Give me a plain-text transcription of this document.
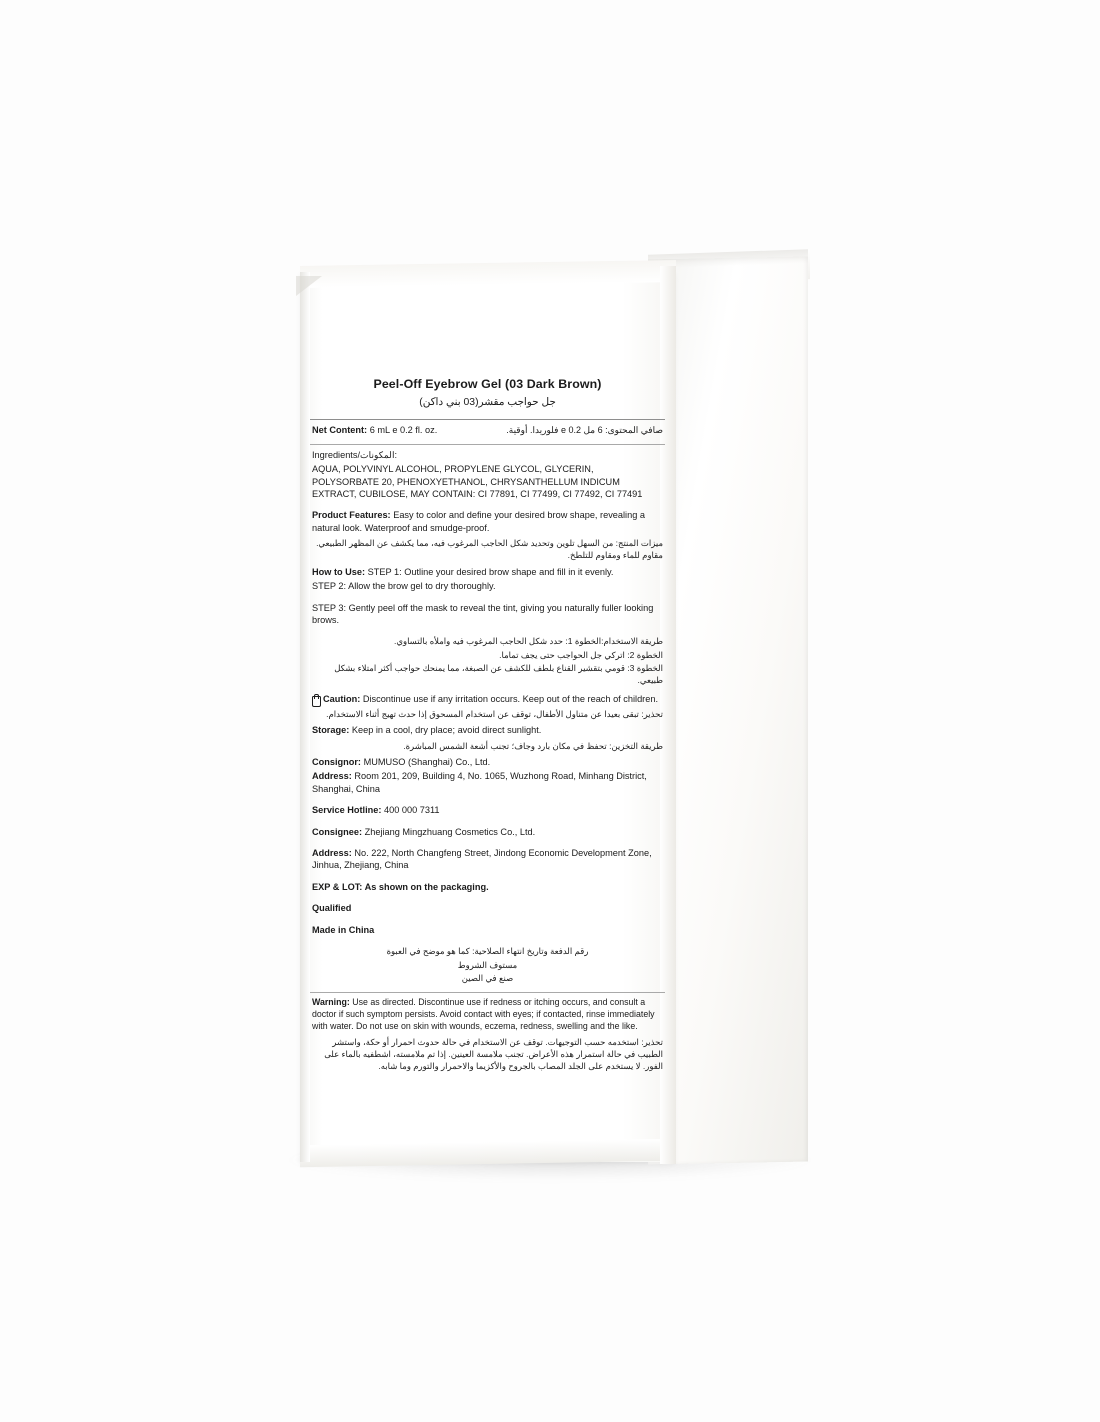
Peel-Off Eyebrow Gel (03 Dark Brown)
جل حواجب مقشر(03 بني داكن)
Net Content: 6 mL e 0.2 fl. oz.	صافي المحتوى: 6 مل e 0.2 فلوريدا. أوقية.

Ingredients/المكونات:

AQUA, POLYVINYL ALCOHOL, PROPYLENE GLYCOL, GLYCERIN, POLYSORBATE 20, PHENOXYETHANOL, CHRYSANTHELLUM INDICUM EXTRACT, CUBILOSE, MAY CONTAIN: CI 77891, CI 77499, CI 77492, CI 77491

Product Features: Easy to color and define your desired brow shape, revealing a natural look. Waterproof and smudge-proof.

ميزات المنتج: من السهل تلوين وتحديد شكل الحاجب المرغوب فيه، مما يكشف عن المظهر الطبيعي. مقاوم للماء ومقاوم للتلطخ.

How to Use: STEP 1: Outline your desired brow shape and fill in it evenly.

STEP 2: Allow the brow gel to dry thoroughly.

STEP 3: Gently peel off the mask to reveal the tint, giving you naturally fuller looking brows.

طريقة الاستخدام:الخطوة 1: حدد شكل الحاجب المرغوب فيه واملأه بالتساوي.
الخطوة 2: اتركي جل الحواجب حتى يجف تماما.
الخطوة 3: قومي بتقشير القناع بلطف للكشف عن الصبغة، مما يمنحك حواجب أكثر امتلاء بشكل طبيعي.
Caution: Discontinue use if any irritation occurs. Keep out of the reach of children.
تحذير: تبقى بعيدا عن متناول الأطفال، توقف عن استخدام المسحوق إذا حدث تهيج أثناء الاستخدام.

Storage: Keep in a cool, dry place; avoid direct sunlight.

طريقة التخزين: تحفظ في مكان بارد وجاف؛ تجنب أشعة الشمس المباشرة.

Consignor: MUMUSO (Shanghai) Co., Ltd.

Address: Room 201, 209, Building 4, No. 1065, Wuzhong Road, Minhang District, Shanghai, China

Service Hotline: 400 000 7311

Consignee: Zhejiang Mingzhuang Cosmetics Co., Ltd.

Address: No. 222, North Changfeng Street, Jindong Economic Development Zone, Jinhua, Zhejiang, China

EXP & LOT: As shown on the packaging.

Qualified

Made in China

رقم الدفعة وتاريخ انتهاء الصلاحية: كما هو موضح في العبوة
مستوف الشروط
صنع في الصين

Warning: Use as directed. Discontinue use if redness or itching occurs, and consult a doctor if such symptom persists. Avoid contact with eyes; if contacted, rinse immediately with water. Do not use on skin with wounds, eczema, redness, swelling and the like.

تحذير: استخدمه حسب التوجيهات. توقف عن الاستخدام في حالة حدوث احمرار أو حكة، واستشر الطبيب في حالة استمرار هذه الأعراض. تجنب ملامسة العينين. إذا تم ملامسته، اشطفيه بالماء على الفور. لا يستخدم على الجلد المصاب بالجروح والأكزيما والاحمرار والتورم وما شابه.
